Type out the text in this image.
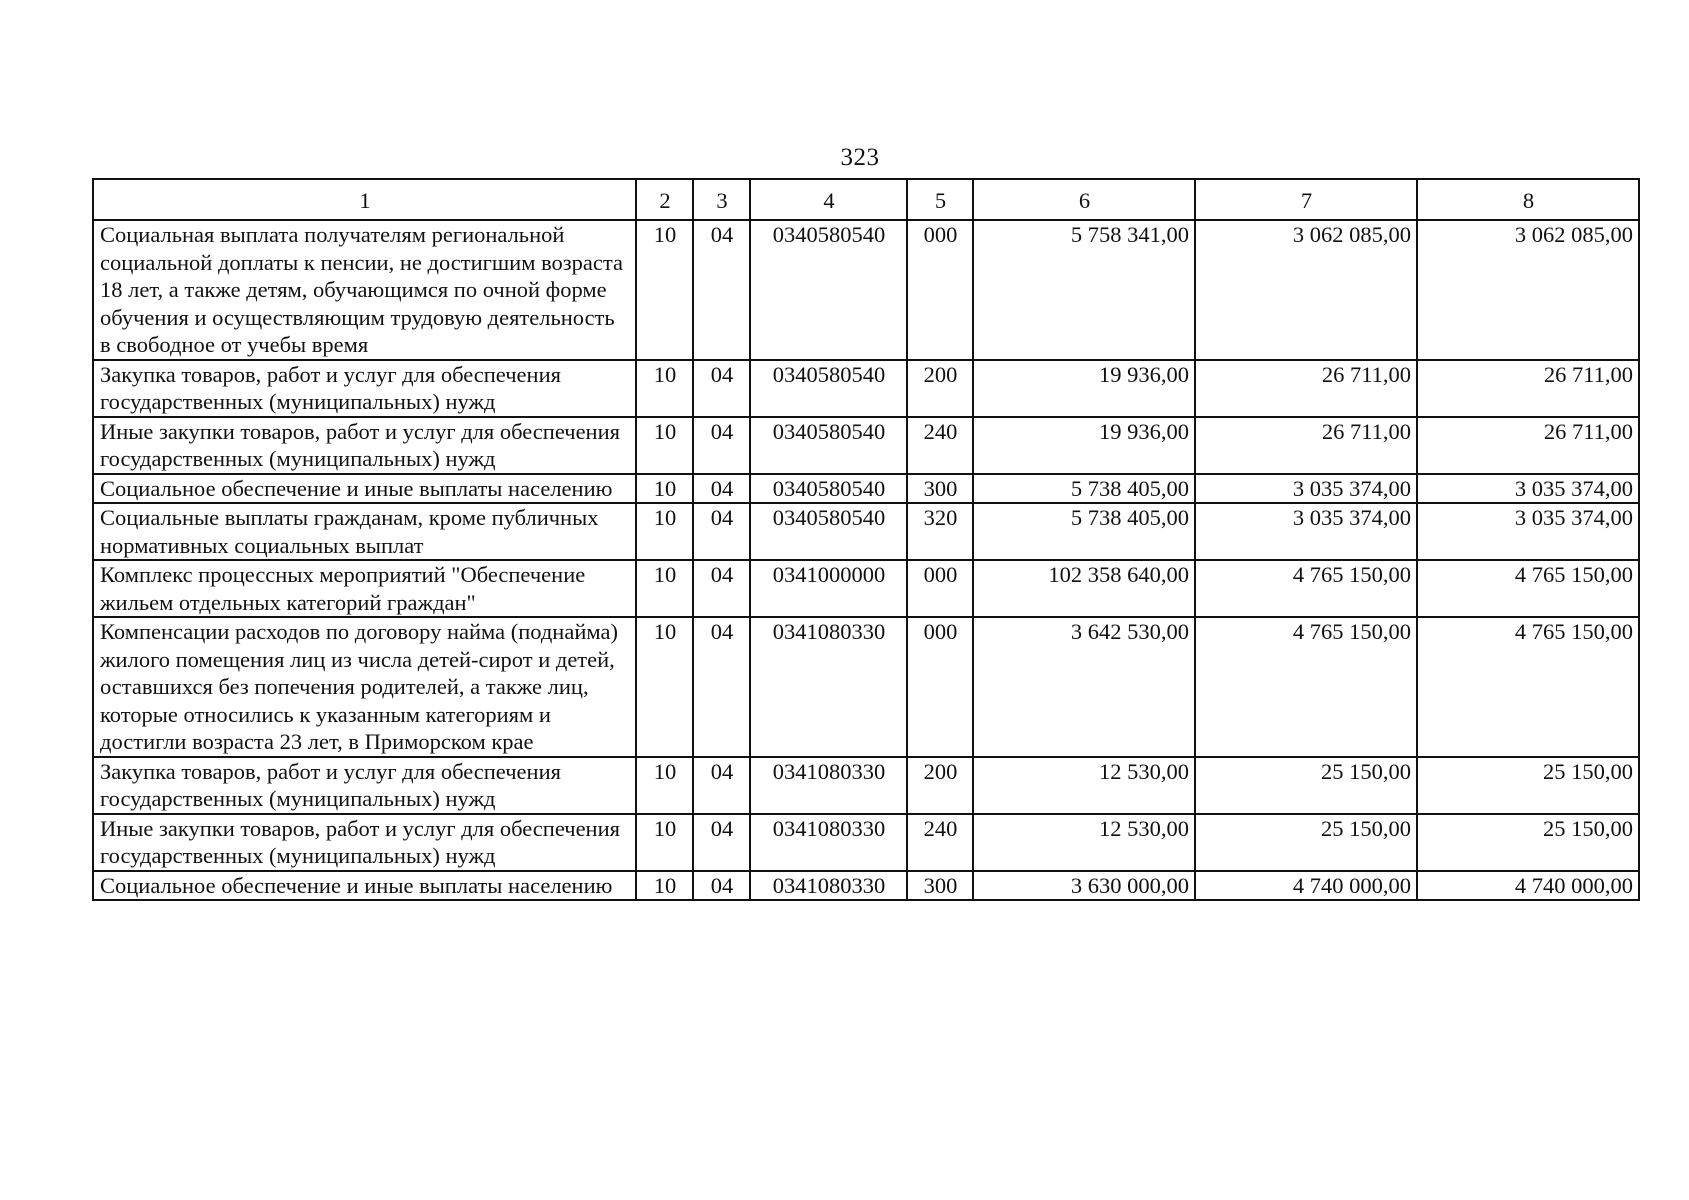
323
1	2	3	4	5	6	7	8
Социальная выплата получателям региональной социальной доплаты к пенсии, не достигшим возраста 18 лет, а также детям, обучающимся по очной форме обучения и осуществляющим трудовую деятельность в свободное от учебы время	10	04	0340580540	000	5 758 341,00	3 062 085,00	3 062 085,00
Закупка товаров, работ и услуг для обеспечения государственных (муниципальных) нужд	10	04	0340580540	200	19 936,00	26 711,00	26 711,00
Иные закупки товаров, работ и услуг для обеспечения государственных (муниципальных) нужд	10	04	0340580540	240	19 936,00	26 711,00	26 711,00
Социальное обеспечение и иные выплаты населению	10	04	0340580540	300	5 738 405,00	3 035 374,00	3 035 374,00
Социальные выплаты гражданам, кроме публичных нормативных социальных выплат	10	04	0340580540	320	5 738 405,00	3 035 374,00	3 035 374,00
Комплекс процессных мероприятий "Обеспечение жильем отдельных категорий граждан"	10	04	0341000000	000	102 358 640,00	4 765 150,00	4 765 150,00
Компенсации расходов по договору найма (поднайма) жилого помещения лиц из числа детей-сирот и детей, оставшихся без попечения родителей, а также лиц, которые относились к указанным категориям и достигли возраста 23 лет, в Приморском крае	10	04	0341080330	000	3 642 530,00	4 765 150,00	4 765 150,00
Закупка товаров, работ и услуг для обеспечения государственных (муниципальных) нужд	10	04	0341080330	200	12 530,00	25 150,00	25 150,00
Иные закупки товаров, работ и услуг для обеспечения государственных (муниципальных) нужд	10	04	0341080330	240	12 530,00	25 150,00	25 150,00
Социальное обеспечение и иные выплаты населению	10	04	0341080330	300	3 630 000,00	4 740 000,00	4 740 000,00
